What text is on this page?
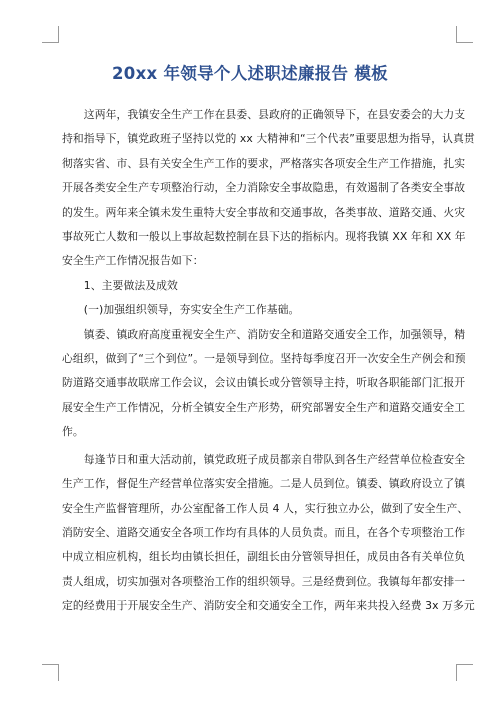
20xx 年领导个人述职述廉报告 模板

　　这两年，我镇安全生产工作在县委、县政府的正确领导下，在县安委会的大力支

持和指导下，镇党政班子坚持以党的 xx 大精神和“三个代表”重要思想为指导，认真贯

彻落实省、市、县有关安全生产工作的要求，严格落实各项安全生产工作措施，扎实

开展各类安全生产专项整治行动，全力消除安全事故隐患，有效遏制了各类安全事故

的发生。两年来全镇未发生重特大安全事故和交通事故，各类事故、道路交通、火灾

事故死亡人数和一般以上事故起数控制在县下达的指标内。现将我镇 XX 年和 XX 年

安全生产工作情况报告如下：

　　1、主要做法及成效

　　(一)加强组织领导，夯实安全生产工作基础。

　　镇委、镇政府高度重视安全生产、消防安全和道路交通安全工作，加强领导，精

心组织，做到了“三个到位”。一是领导到位。坚持每季度召开一次安全生产例会和预

防道路交通事故联席工作会议，会议由镇长或分管领导主持，听取各职能部门汇报开

展安全生产工作情况，分析全镇安全生产形势，研究部署安全生产和道路交通安全工

作。

　　每逢节日和重大活动前，镇党政班子成员都亲自带队到各生产经营单位检查安全

生产工作，督促生产经营单位落实安全措施。二是人员到位。镇委、镇政府设立了镇

安全生产监督管理所，办公室配备工作人员 4 人，实行独立办公，做到了安全生产、

消防安全、道路交通安全各项工作均有具体的人员负责。而且，在各个专项整治工作

中成立相应机构，组长均由镇长担任，副组长由分管领导担任，成员由各有关单位负

责人组成，切实加强对各项整治工作的组织领导。三是经费到位。我镇每年都安排一

定的经费用于开展安全生产、消防安全和交通安全工作，两年来共投入经费 3x 万多元
